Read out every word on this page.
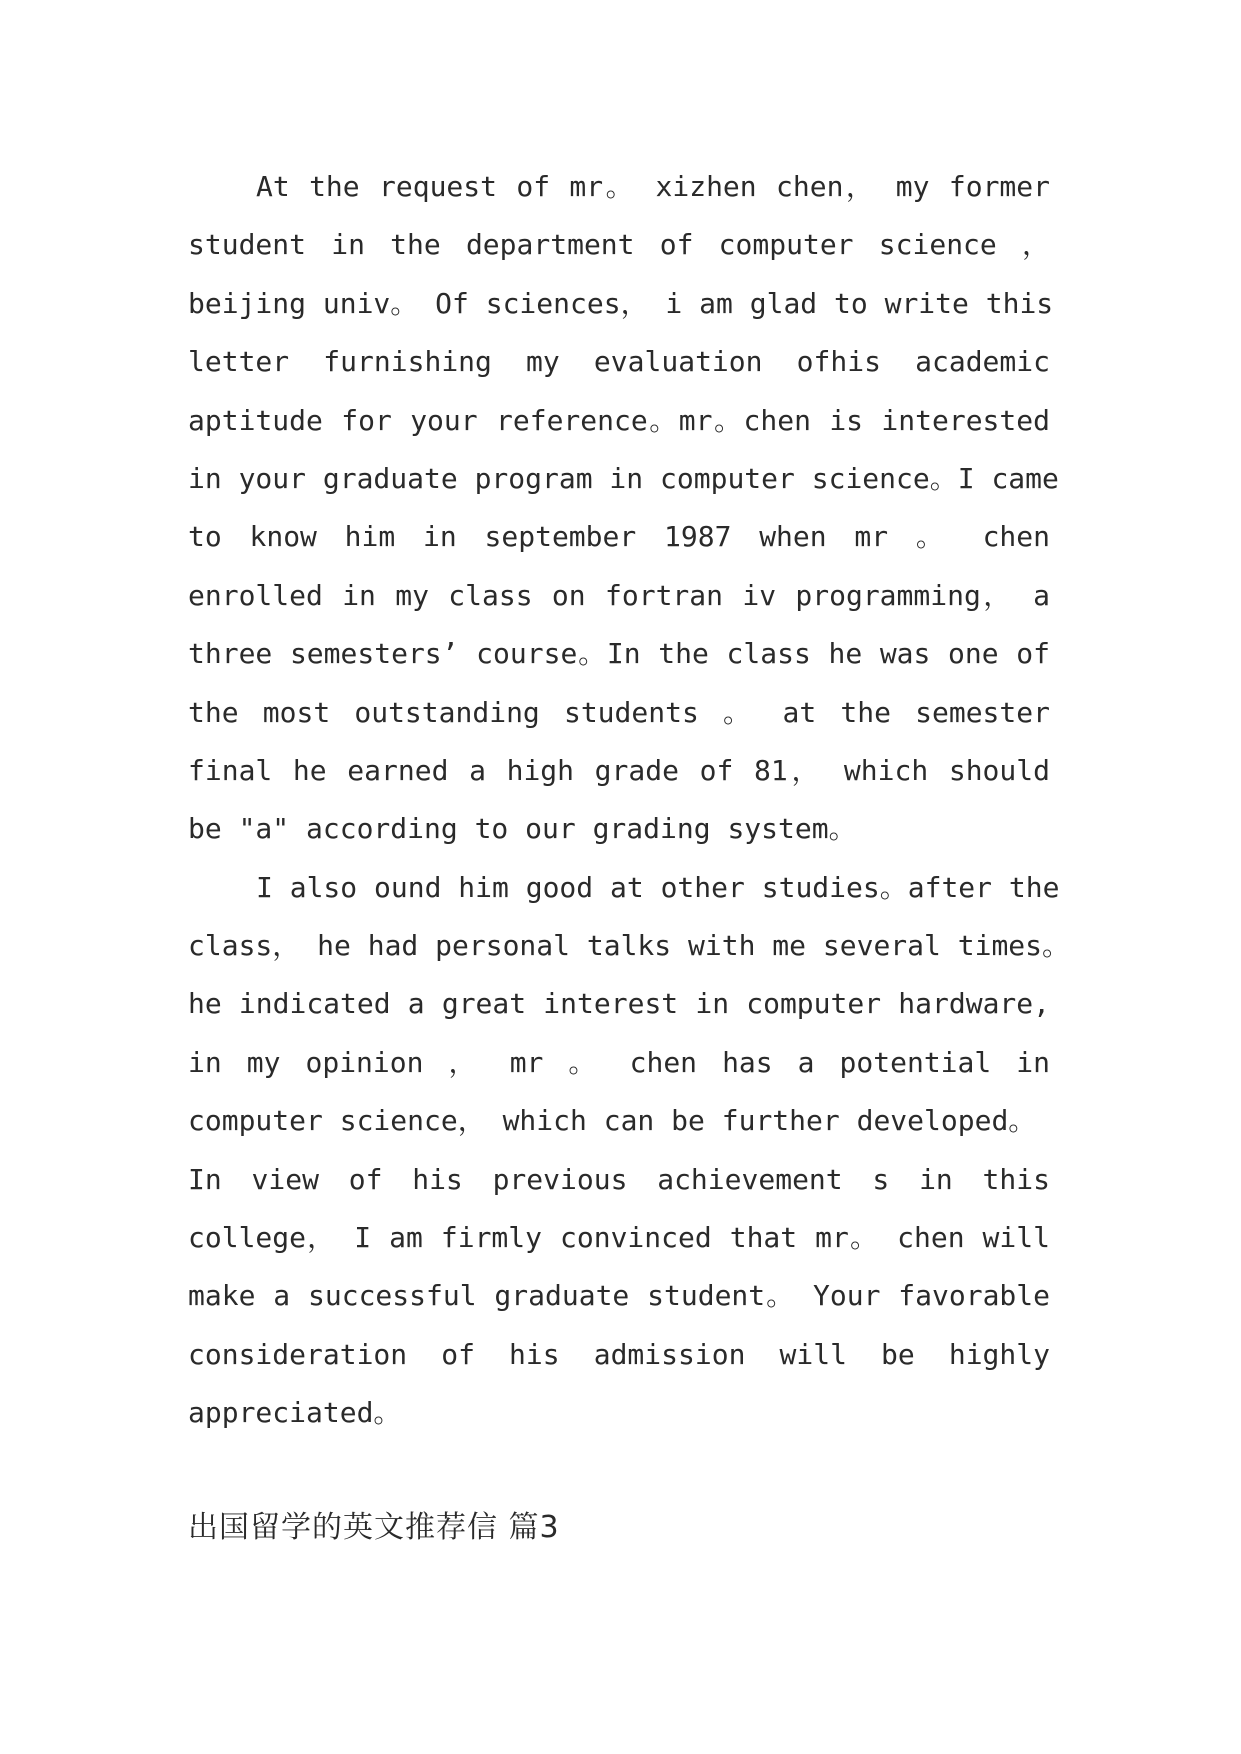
At the request of mr。 xizhen chen， my former
student in the department of computer science ，
beijing univ。 Of sciences， i am glad to write this
letter furnishing my evaluation ofhis academic
aptitude for your reference。mr。chen is interested
in your graduate program in computer science。I came
to know him in september 1987 when mr 。 chen
enrolled in my class on fortran iv programming， a
three semesters’ course。In the class he was one of
the most outstanding students 。 at the semester
final he earned a high grade of 81， which should
be "a" according to our grading system。
I also ound him good at other studies。after the
class， he had personal talks with me several times。
he indicated a great interest in computer hardware,
in my opinion ， mr 。 chen has a potential in
computer science， which can be further developed。
In view of his previous achievement s in this
college， I am firmly convinced that mr。 chen will
make a successful graduate student。 Your favorable
consideration of his admission will be highly
appreciated。
出国留学的英文推荐信 篇3
